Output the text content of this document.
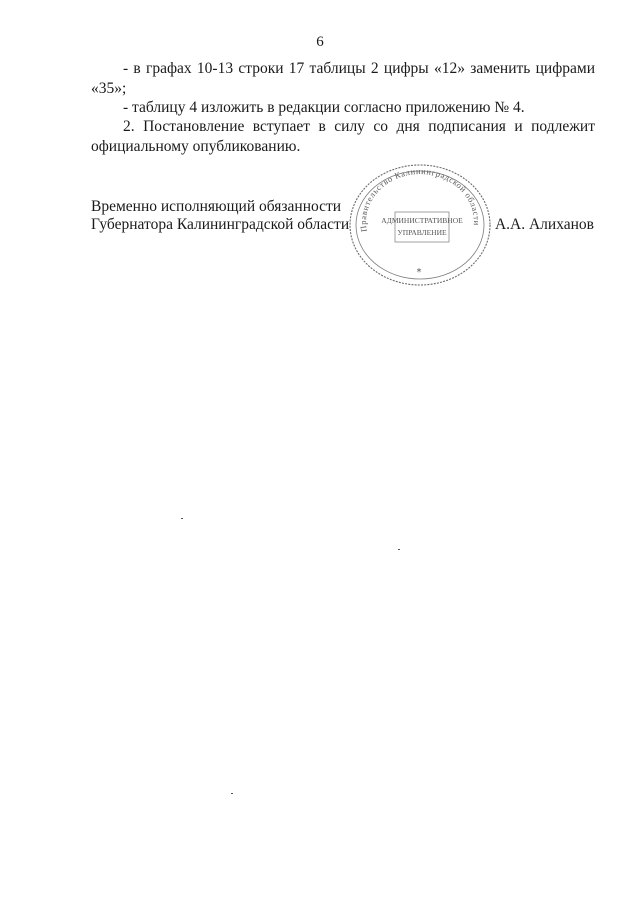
6

- в графах 10-13 строки 17 таблицы 2 цифры «12» заменить цифрами «35»;

- таблицу 4 изложить в редакции согласно приложению № 4.

2. Постановление вступает в силу со дня подписания и подлежит официальному опубликованию.

Временно исполняющий обязанности
Губернатора Калининградской области	А.А. Алиханов
Правительство Калининградской области
АДМИНИСТРАТИВНОЕ
УПРАВЛЕНИЕ
*
